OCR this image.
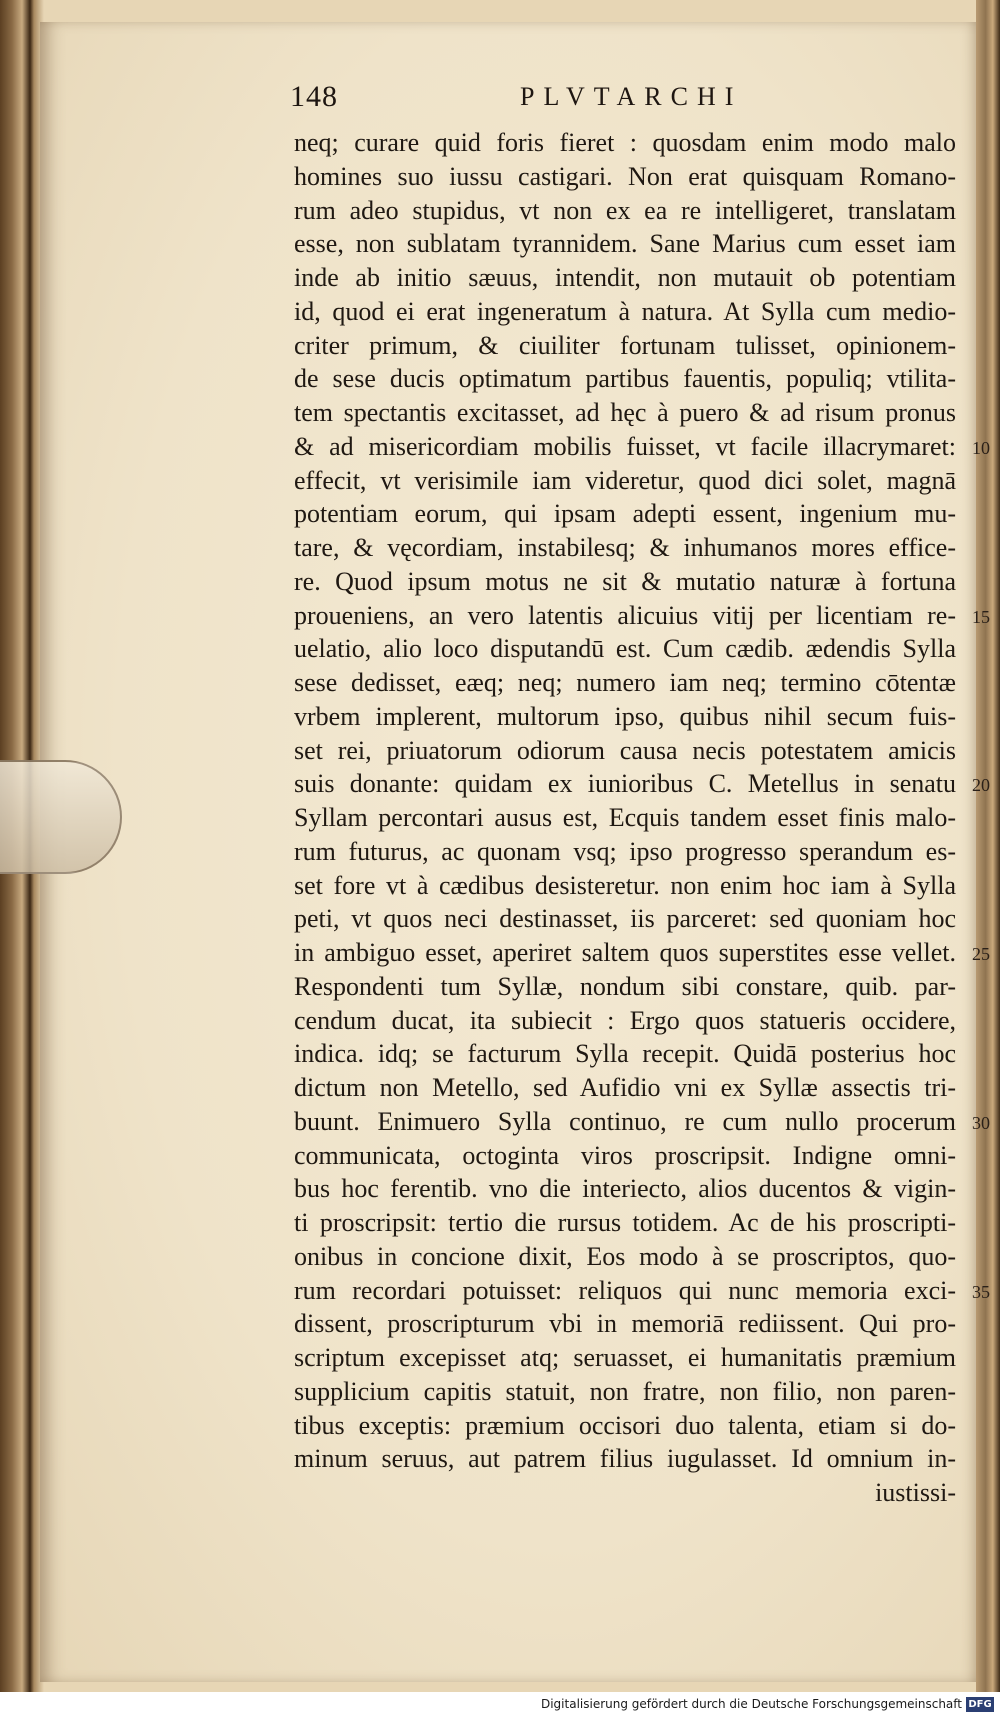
148	PLVTARCHI
neq; curare quid foris fieret : quosdam enim modo malo
homines suo iussu castigari. Non erat quisquam Romano-
rum adeo stupidus, vt non ex ea re intelligeret, translatam
esse, non sublatam tyrannidem. Sane Marius cum esset iam
inde ab initio sæuus, intendit, non mutauit ob potentiam
id, quod ei erat ingeneratum à natura. At Sylla cum medio-
criter primum, & ciuiliter fortunam tulisset, opinionem-
de sese ducis optimatum partibus fauentis, populiq; vtilita-
tem spectantis excitasset, ad hęc à puero & ad risum pronus
& ad misericordiam mobilis fuisset, vt facile illacrymaret:
effecit, vt verisimile iam videretur, quod dici solet, magnā
potentiam eorum, qui ipsam adepti essent, ingenium mu-
tare, & vęcordiam, instabilesq; & inhumanos mores effice-
re. Quod ipsum motus ne sit & mutatio naturæ à fortuna
proueniens, an vero latentis alicuius vitij per licentiam re-
uelatio, alio loco disputandū est. Cum cædib. ædendis Sylla
sese dedisset, eæq; neq; numero iam neq; termino cōtentæ
vrbem implerent, multorum ipso, quibus nihil secum fuis-
set rei, priuatorum odiorum causa necis potestatem amicis
suis donante: quidam ex iunioribus C. Metellus in senatu
Syllam percontari ausus est, Ecquis tandem esset finis malo-
rum futurus, ac quonam vsq; ipso progresso sperandum es-
set fore vt à cædibus desisteretur. non enim hoc iam à Sylla
peti, vt quos neci destinasset, iis parceret: sed quoniam hoc
in ambiguo esset, aperiret saltem quos superstites esse vellet.
Respondenti tum Syllæ, nondum sibi constare, quib. par-
cendum ducat, ita subiecit : Ergo quos statueris occidere,
indica. idq; se facturum Sylla recepit. Quidā posterius hoc
dictum non Metello, sed Aufidio vni ex Syllæ assectis tri-
buunt. Enimuero Sylla continuo, re cum nullo procerum
communicata, octoginta viros proscripsit. Indigne omni-
bus hoc ferentib. vno die interiecto, alios ducentos & vigin-
ti proscripsit: tertio die rursus totidem. Ac de his proscripti-
onibus in concione dixit, Eos modo à se proscriptos, quo-
rum recordari potuisset: reliquos qui nunc memoria exci-
dissent, proscripturum vbi in memoriā rediissent. Qui pro-
scriptum excepisset atq; seruasset, ei humanitatis præmium
supplicium capitis statuit, non fratre, non filio, non paren-
tibus exceptis: præmium occisori duo talenta, etiam si do-
minum seruus, aut patrem filius iugulasset. Id omnium in-
iustissi-
10
15
20
25
30
35
Digitalisierung gefördert durch die Deutsche Forschungsgemeinschaft DFG
